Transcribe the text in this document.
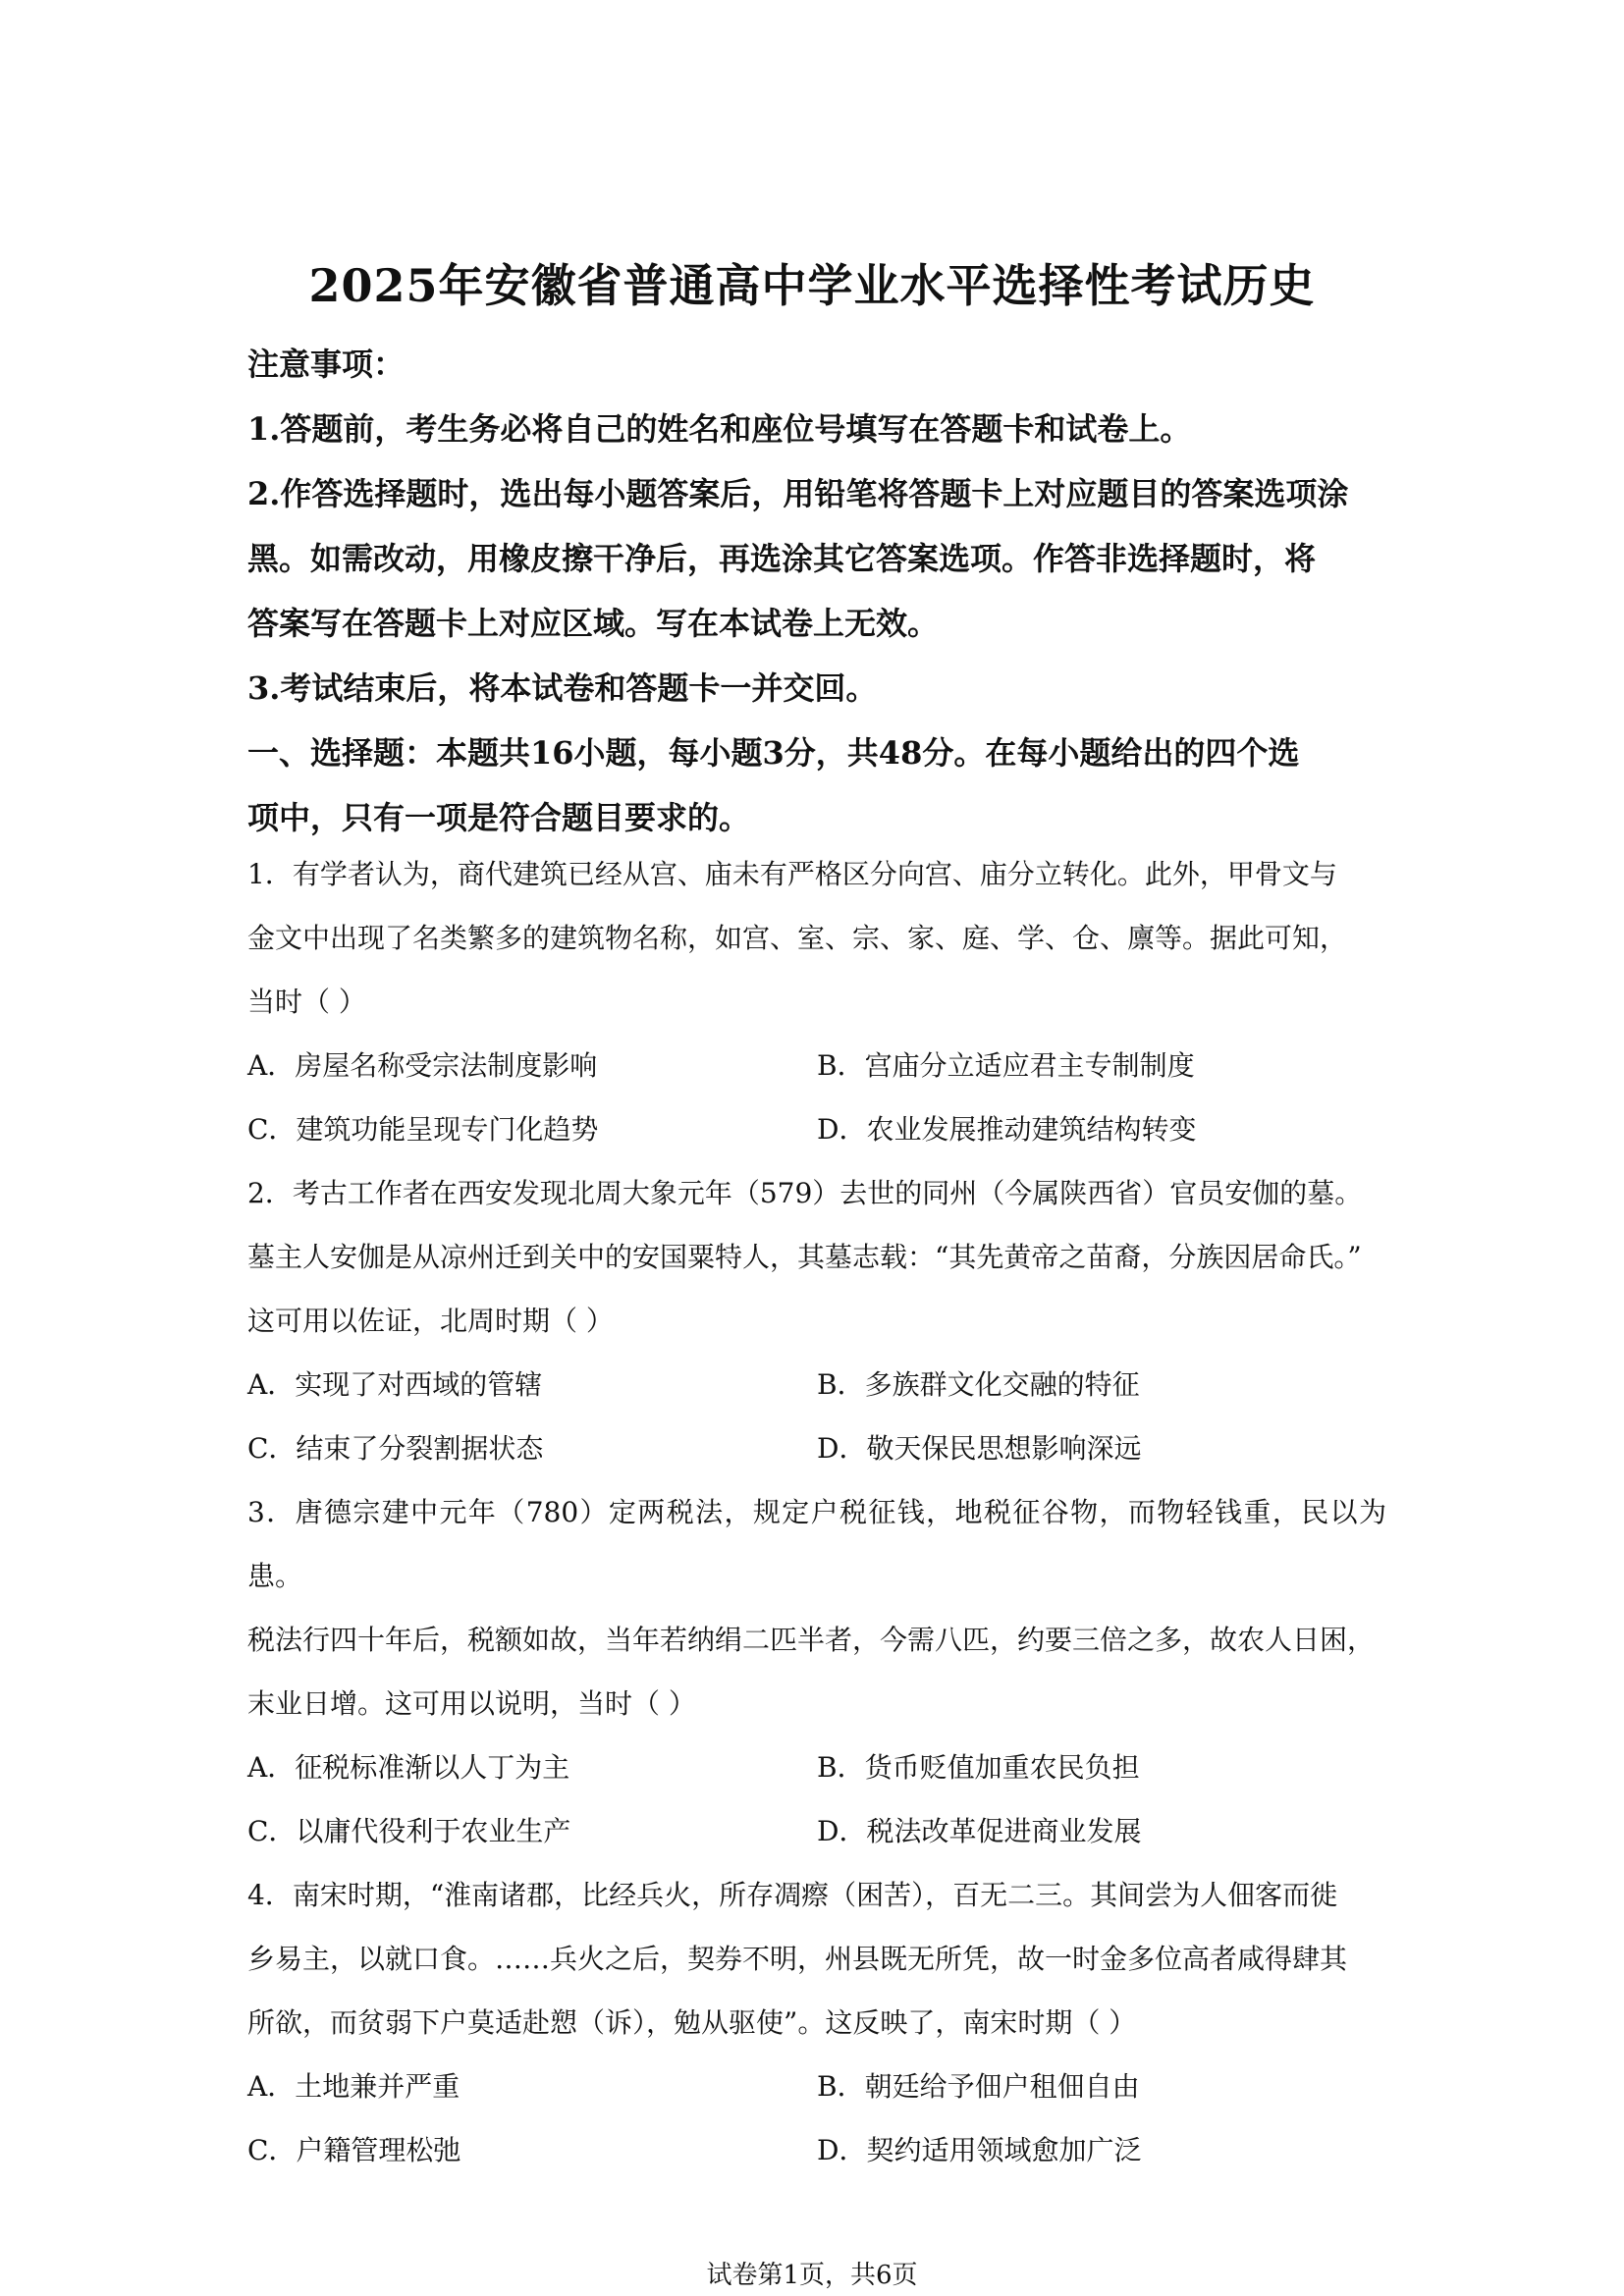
2025年安徽省普通高中学业水平选择性考试历史

注意事项：

1.答题前，考生务必将自己的姓名和座位号填写在答题卡和试卷上。

2.作答选择题时，选出每小题答案后，用铅笔将答题卡上对应题目的答案选项涂

黑。如需改动，用橡皮擦干净后，再选涂其它答案选项。作答非选择题时，将

答案写在答题卡上对应区域。写在本试卷上无效。

3.考试结束后，将本试卷和答题卡一并交回。

一、选择题：本题共16小题，每小题3分，共48分。在每小题给出的四个选

项中，只有一项是符合题目要求的。

1．有学者认为，商代建筑已经从宫、庙未有严格区分向宫、庙分立转化。此外，甲骨文与

金文中出现了名类繁多的建筑物名称，如宫、室、宗、家、庭、学、仓、廪等。据此可知，

当时（ ）

A．房屋名称受宗法制度影响	B．宫庙分立适应君主专制制度
C．建筑功能呈现专门化趋势	D．农业发展推动建筑结构转变

2．考古工作者在西安发现北周大象元年（579）去世的同州（今属陕西省）官员安伽的墓。

墓主人安伽是从凉州迁到关中的安国粟特人，其墓志载：“其先黄帝之苗裔，分族因居命氏。”

这可用以佐证，北周时期（ ）

A．实现了对西域的管辖	B．多族群文化交融的特征
C．结束了分裂割据状态	D．敬天保民思想影响深远

3．唐德宗建中元年（780）定两税法，规定户税征钱，地税征谷物，而物轻钱重，民以为患。

税法行四十年后，税额如故，当年若纳绢二匹半者，今需八匹，约要三倍之多，故农人日困，

末业日增。这可用以说明，当时（ ）

A．征税标准渐以人丁为主	B．货币贬值加重农民负担
C．以庸代役利于农业生产	D．税法改革促进商业发展

4．南宋时期，“淮南诸郡，比经兵火，所存凋瘵（困苦），百无二三。其间尝为人佃客而徙

乡易主，以就口食。……兵火之后，契券不明，州县既无所凭，故一时金多位高者咸得肆其

所欲，而贫弱下户莫适赴愬（诉），勉从驱使”。这反映了，南宋时期（ ）

A．土地兼并严重	B．朝廷给予佃户租佃自由
C．户籍管理松弛	D．契约适用领域愈加广泛

试卷第1页，共6页
